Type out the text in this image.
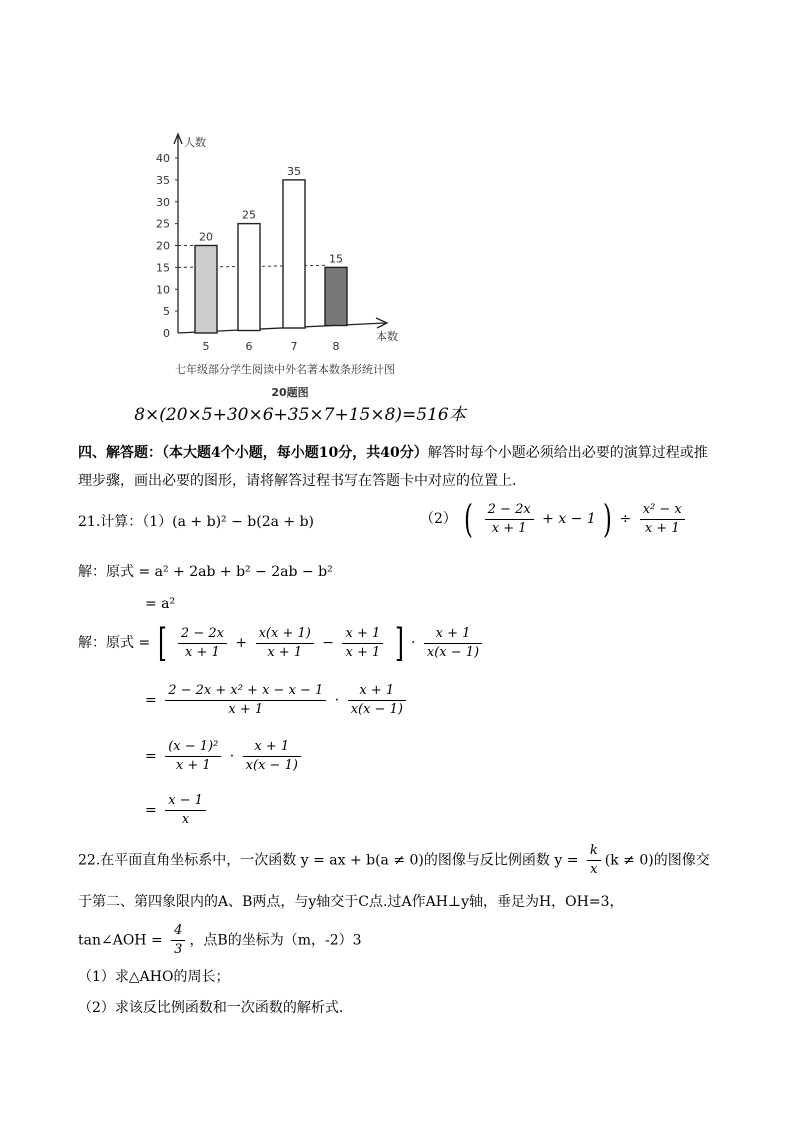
人数
本数
0
5
10
15
20
25
30
35
40
20
5
25
6
35
7
15
8
七年级部分学生阅读中外名著本数条形统计图
20题图
8×(20×5+30×6+35×7+15×8)=516本
四、解答题：（本大题4个小题，每小题10分，共40分）解答时每个小题必须给出必要的演算过程或推
理步骤，画出必要的图形，请将解答过程书写在答题卡中对应的位置上.
21.计算：（1）(a + b)² − b(2a + b)	（2） ( $\frac{2 - 2x}{x + 1} + x - 1$ ) ÷ $\frac{\text{x² − x}}{x + 1}$
解：原式 = a² + 2ab + b² − 2ab − b²
= a²
解：原式 = [ $\frac{2 - 2x}{x + 1} + \frac{x(x + 1)}{x + 1} - \frac{x + 1}{x + 1}$ ] · $\frac{x + 1}{x(x - 1)}$
= $\frac{\text{2 − 2x + x² + x − x − 1}}{x + 1} \cdot \frac{x + 1}{x(x - 1)}$
= $\frac{\text{(x − 1)²}}{x + 1} \cdot \frac{x + 1}{x(x - 1)}$
= $\frac{x - 1}{x}$
22.在平面直角坐标系中，一次函数 y = ax + b(a ≠ 0)的图像与反比例函数 $y = \frac{k}{x} (k \ne 0)$的图像交
于第二、第四象限内的A、B两点，与y轴交于C点.过A作AH⊥y轴，垂足为H，OH=3，
tan∠AOH = $\frac{4}{3}$ ，点B的坐标为（m，-2）3
（1）求△AHO的周长；
（2）求该反比例函数和一次函数的解析式.
